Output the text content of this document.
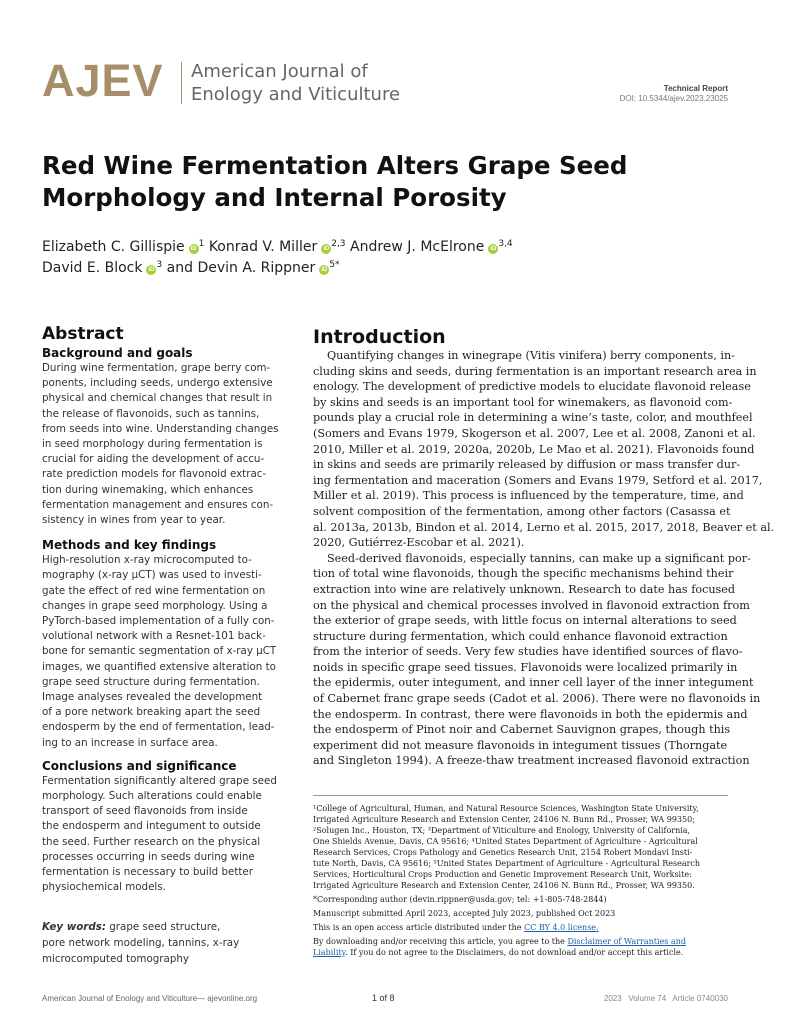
AJEV American Journal of
Enology and Viticulture	Technical Report
DOI: 10.5344/ajev.2023.23025
Red Wine Fermentation Alters Grape Seed
Morphology and Internal Porosity
Elizabeth C. Gillispie iD $^1$ Konrad V. Miller iD $^{2,3}$ Andrew J. McElrone iD $^{3,4}$
David E. Block iD $^3$ and Devin A. Rippner iD $^{5*}$
Abstract
Background and goals

During wine fermentation, grape berry com-
ponents, including seeds, undergo extensive
physical and chemical changes that result in
the release of flavonoids, such as tannins,
from seeds into wine. Understanding changes
in seed morphology during fermentation is
crucial for aiding the development of accu-
rate prediction models for flavonoid extrac-
tion during winemaking, which enhances
fermentation management and ensures con-
sistency in wines from year to year.

Methods and key findings

High-resolution x-ray microcomputed to-
mography (x-ray µCT) was used to investi-
gate the effect of red wine fermentation on
changes in grape seed morphology. Using a
PyTorch-based implementation of a fully con-
volutional network with a Resnet-101 back-
bone for semantic segmentation of x-ray µCT
images, we quantified extensive alteration to
grape seed structure during fermentation.
Image analyses revealed the development
of a pore network breaking apart the seed
endosperm by the end of fermentation, lead-
ing to an increase in surface area.

Conclusions and significance

Fermentation significantly altered grape seed
morphology. Such alterations could enable
transport of seed flavonoids from inside
the endosperm and integument to outside
the seed. Further research on the physical
processes occurring in seeds during wine
fermentation is necessary to build better
physiochemical models.

Key words: grape seed structure,
pore network modeling, tannins, x-ray
microcomputed tomography
Introduction

Quantifying changes in winegrape (Vitis vinifera) berry components, in-
cluding skins and seeds, during fermentation is an important research area in
enology. The development of predictive models to elucidate flavonoid release
by skins and seeds is an important tool for winemakers, as flavonoid com-
pounds play a crucial role in determining a wine’s taste, color, and mouthfeel
(Somers and Evans 1979, Skogerson et al. 2007, Lee et al. 2008, Zanoni et al.
2010, Miller et al. 2019, 2020a, 2020b, Le Mao et al. 2021). Flavonoids found
in skins and seeds are primarily released by diffusion or mass transfer dur-
ing fermentation and maceration (Somers and Evans 1979, Setford et al. 2017,
Miller et al. 2019). This process is influenced by the temperature, time, and
solvent composition of the fermentation, among other factors (Casassa et
al. 2013a, 2013b, Bindon et al. 2014, Lerno et al. 2015, 2017, 2018, Beaver et al.
2020, Gutiérrez-Escobar et al. 2021).

Seed-derived flavonoids, especially tannins, can make up a significant por-
tion of total wine flavonoids, though the specific mechanisms behind their
extraction into wine are relatively unknown. Research to date has focused
on the physical and chemical processes involved in flavonoid extraction from
the exterior of grape seeds, with little focus on internal alterations to seed
structure during fermentation, which could enhance flavonoid extraction
from the interior of seeds. Very few studies have identified sources of flavo-
noids in specific grape seed tissues. Flavonoids were localized primarily in
the epidermis, outer integument, and inner cell layer of the inner integument
of Cabernet franc grape seeds (Cadot et al. 2006). There were no flavonoids in
the endosperm. In contrast, there were flavonoids in both the epidermis and
the endosperm of Pinot noir and Cabernet Sauvignon grapes, though this
experiment did not measure flavonoids in integument tissues (Thorngate
and Singleton 1994). A freeze-thaw treatment increased flavonoid extraction

¹College of Agricultural, Human, and Natural Resource Sciences, Washington State University,
Irrigated Agriculture Research and Extension Center, 24106 N. Bunn Rd., Prosser, WA 99350;
²Solugen Inc., Houston, TX; ³Department of Viticulture and Enology, University of California,
One Shields Avenue, Davis, CA 95616; ⁴United States Department of Agriculture - Agricultural
Research Services, Crops Pathology and Genetics Research Unit, 2154 Robert Mondavi Insti-
tute North, Davis, CA 95616; ⁵United States Department of Agriculture - Agricultural Research
Services, Horticultural Crops Production and Genetic Improvement Research Unit, Worksite:
Irrigated Agriculture Research and Extension Center, 24106 N. Bunn Rd., Prosser, WA 99350.
*Corresponding author (devin.rippner@usda.gov; tel: +1-805-748-2844)
Manuscript submitted April 2023, accepted July 2023, published Oct 2023
This is an open access article distributed under the CC BY 4.0 license.
By downloading and/or receiving this article, you agree to the Disclaimer of Warranties and
Liability. If you do not agree to the Disclaimers, do not download and/or accept this article.
American Journal of Enology and Viticulture— ajevonline.org	1 of 8	2023   Volume 74   Article 0740030
